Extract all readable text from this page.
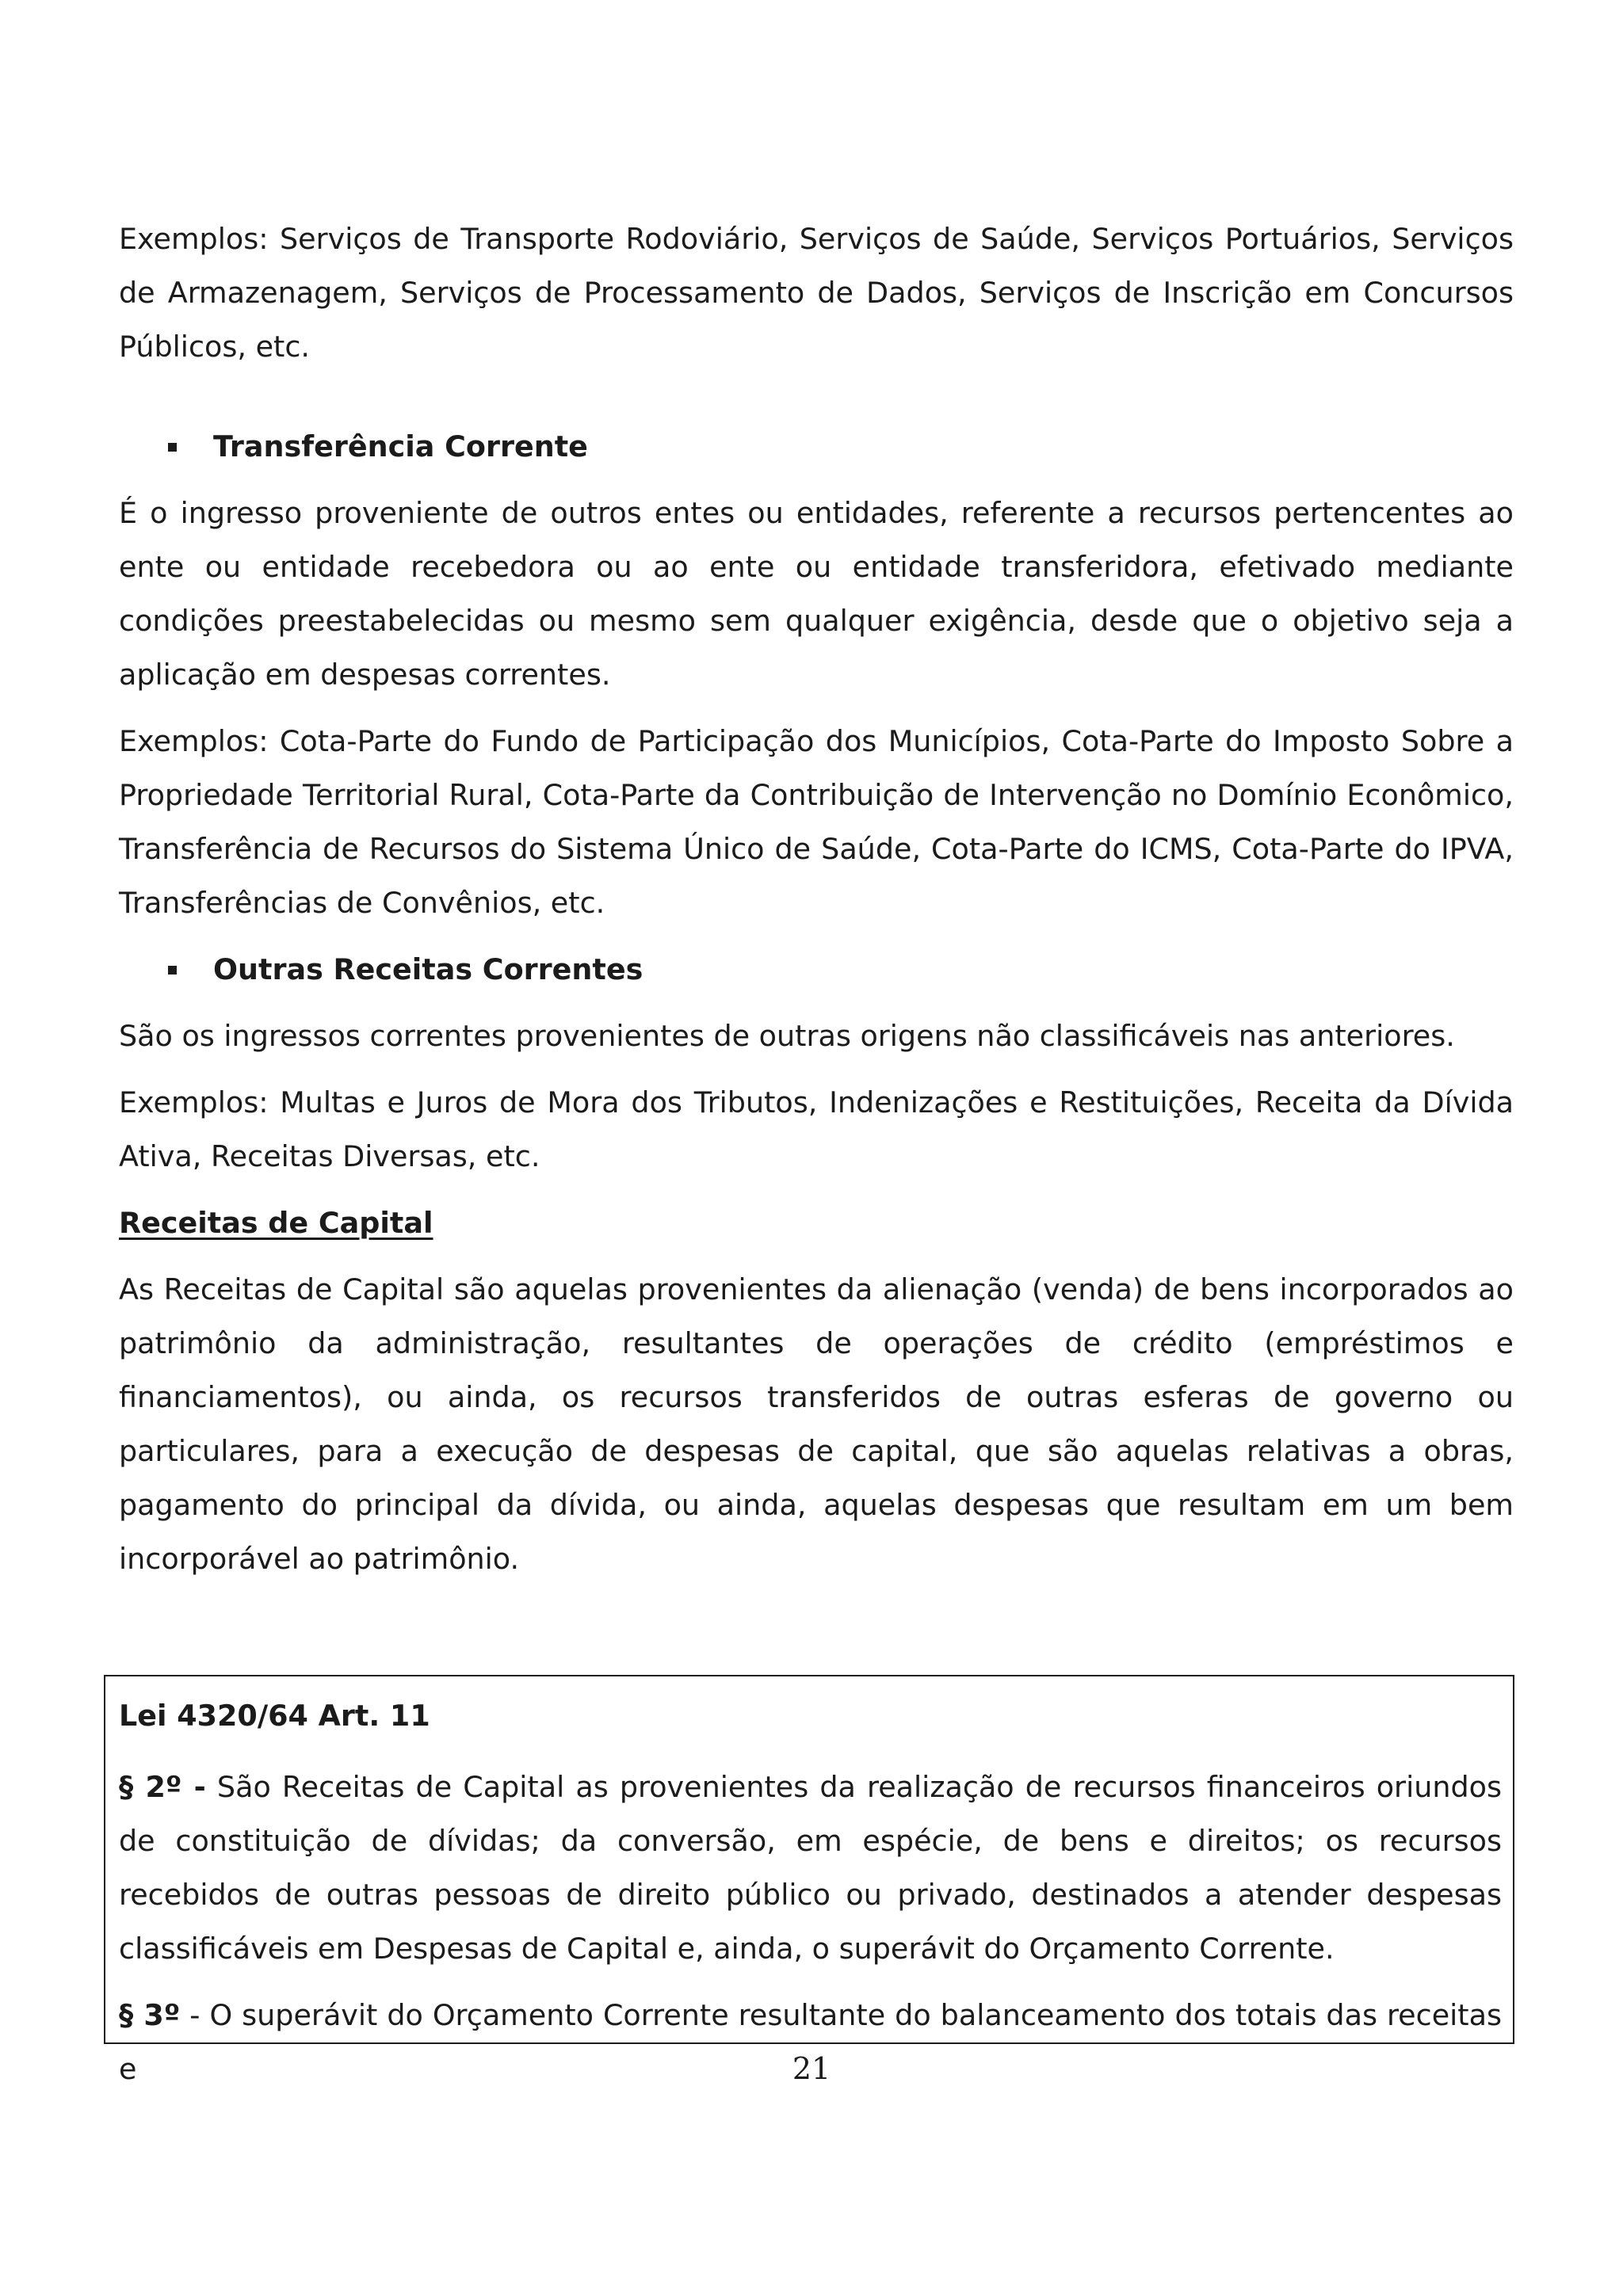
Exemplos: Serviços de Transporte Rodoviário, Serviços de Saúde, Serviços Portuários, Serviços de Armazenagem, Serviços de Processamento de Dados, Serviços de Inscrição em Concursos Públicos, etc.

Transferência Corrente

É o ingresso proveniente de outros entes ou entidades, referente a recursos pertencentes ao ente ou entidade recebedora ou ao ente ou entidade transferidora, efetivado mediante condições preestabelecidas ou mesmo sem qualquer exigência, desde que o objetivo seja a aplicação em despesas correntes.

Exemplos: Cota-Parte do Fundo de Participação dos Municípios, Cota-Parte do Imposto Sobre a Propriedade Territorial Rural, Cota-Parte da Contribuição de Intervenção no Domínio Econômico, Transferência de Recursos do Sistema Único de Saúde, Cota-Parte do ICMS, Cota-Parte do IPVA, Transferências de Convênios, etc.

Outras Receitas Correntes

São os ingressos correntes provenientes de outras origens não classificáveis nas anteriores.

Exemplos: Multas e Juros de Mora dos Tributos, Indenizações e Restituições, Receita da Dívida Ativa, Receitas Diversas, etc.

Receitas de Capital

As Receitas de Capital são aquelas provenientes da alienação (venda) de bens incorporados ao patrimônio da administração, resultantes de operações de crédito (empréstimos e financiamentos), ou ainda, os recursos transferidos de outras esferas de governo ou particulares, para a execução de despesas de capital, que são aquelas relativas a obras, pagamento do principal da dívida, ou ainda, aquelas despesas que resultam em um bem incorporável ao patrimônio.

Lei 4320/64 Art. 11

§ 2º - São Receitas de Capital as provenientes da realização de recursos financeiros oriundos de constituição de dívidas; da conversão, em espécie, de bens e direitos; os recursos recebidos de outras pessoas de direito público ou privado, destinados a atender despesas classificáveis em Despesas de Capital e, ainda, o superávit do Orçamento Corrente.

§ 3º - O superávit do Orçamento Corrente resultante do balanceamento dos totais das receitas e	21
